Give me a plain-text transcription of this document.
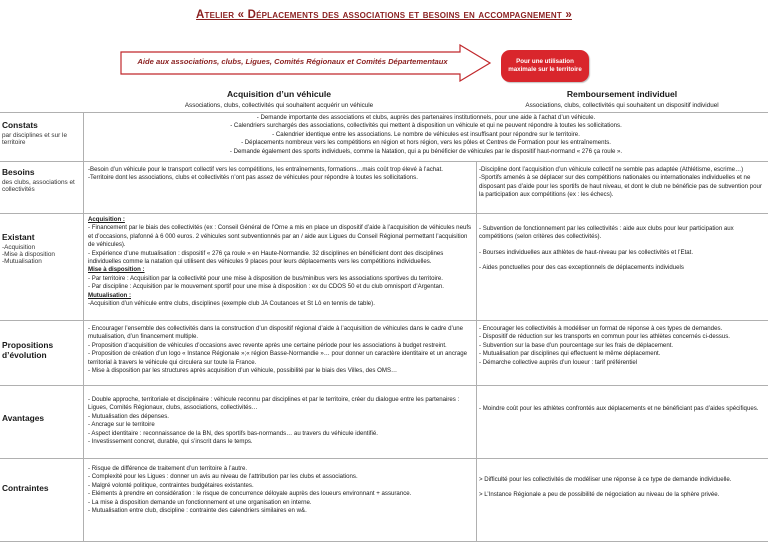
Atelier « Déplacements des associations et besoins en accompagnement »
Aide aux associations, clubs, Ligues, Comités Régionaux et Comités Départementaux	Pour une utilisation
maximale sur le territoire
Acquisition d’un véhicule
Associations, clubs, collectivités qui souhaitent acquérir un véhicule
Remboursement individuel
Associations, clubs, collectivités qui souhaitent un dispositif individuel
Constats
par disciplines et sur le territoire

- Demande importante des associations et clubs, auprès des partenaires institutionnels, pour une aide à l’achat d’un véhicule.

- Calendriers surchargés des associations, collectivités qui mettent à disposition un véhicule et qui ne peuvent répondre à toutes les sollicitations.

- Calendrier identique entre les associations. Le nombre de véhicules est insuffisant pour répondre sur le territoire.

- Déplacements nombreux vers les compétitions en région et hors région, vers les pôles et Centres de Formation pour les entraînements.

- Demande également des sports individuels, comme la Natation, qui a pu bénéficier de véhicules par le dispositif haut-normand « 276 ça roule ».

Besoins
des clubs, associations et collectivités

-Besoin d’un véhicule pour le transport collectif vers les compétitions, les entraînements, formations…mais coût trop élevé à l’achat.

-Territoire dont les associations, clubs et collectivités n’ont pas assez de véhicules pour répondre à toutes les sollicitations.

-Discipline dont l’acquisition d’un véhicule collectif ne semble pas adaptée (Athlétisme, escrime…)

-Sportifs amenés à se déplacer sur des compétitions nationales ou internationales individuelles et ne disposant pas d’aide pour les sportifs de haut niveau, et dont le club ne bénéficie pas de subvention pour la participation aux compétitions (ex : les échecs).

Existant
-Acquisition
-Mise à disposition
-Mutualisation

Acquisition :

- Financement par le biais des collectivités (ex : Conseil Général de l’Orne a mis en place un dispositif d’aide à l’acquisition de véhicules neufs et d’occasions, plafonné à 6 000 euros. 2 véhicules sont subventionnés par an / aide aux Ligues du Conseil Régional permettant l’acquisition de véhicules).

- Expérience d’une mutualisation : dispositif « 276 ça roule » en Haute-Normandie. 32 disciplines en bénéficient dont des disciplines individuelles comme la natation qui utilisent des véhicules 9 places pour leurs déplacements vers les compétitions individuelles.

Mise à disposition :

- Par territoire : Acquisition par la collectivité pour une mise à disposition de bus/minibus vers les associations sportives du territoire.

- Par discipline : Acquisition par le mouvement sportif pour une mise à disposition : ex du CDOS 50 et du club omnisport d’Argentan.

Mutualisation :

-Acquisition d’un véhicule entre clubs, disciplines (exemple club JA Coutances et St Lô en tennis de table).

- Subvention de fonctionnement par les collectivités : aide aux clubs pour leur participation aux compétitions (selon critères des collectivités).

- Bourses individuelles aux athlètes de haut-niveau par les collectivités et l’Etat.

- Aides ponctuelles pour des cas exceptionnels de déplacements individuels

Propositions d’évolution

- Encourager l’ensemble des collectivités dans la construction d’un dispositif régional d’aide à l’acquisition de véhicules dans le cadre d’une mutualisation, d’un financement multiple.

- Proposition d’acquisition de véhicules d’occasions avec revente après une certaine période pour les associations à budget restreint.

- Proposition de création d’un logo « Instance Régionale »;« région Basse-Normandie »… pour donner un caractère identitaire et un ancrage territorial à travers le véhicule qui circulera sur toute la France.

- Mise à disposition par les structures après acquisition d’un véhicule, possibilité par le biais des Villes, des OMS…

- Encourager les collectivités à modéliser un format de réponse à ces types de demandes.

- Dispositif de réduction sur les transports en commun pour les athlètes concernés ci-dessus.

- Subvention sur la base d’un pourcentage sur les frais de déplacement.

- Mutualisation par disciplines qui effectuent le même déplacement.

- Démarche collective auprès d’un loueur : tarif préférentiel

Avantages

- Double approche, territoriale et disciplinaire : véhicule reconnu par disciplines et par le territoire, créer du dialogue entre les partenaires : Ligues, Comités Régionaux, clubs, associations, collectivités…

- Mutualisation des dépenses.

- Ancrage sur le territoire

- Aspect identitaire : reconnaissance de la BN, des sportifs bas-normands… au travers du véhicule identifié.

- Investissement concret, durable, qui s’inscrit dans le temps.

- Moindre coût pour les athlètes confrontés aux déplacements et ne bénéficiant pas d’aides spécifiques.

Contraintes

- Risque de différence de traitement d’un territoire à l’autre.

- Complexité pour les Ligues : donner un avis au niveau de l’attribution par les clubs et associations.

- Malgré volonté politique, contraintes budgétaires existantes.

- Eléments à prendre en considération : le risque de concurrence déloyale auprès des loueurs environnant + assurance.

- La mise à disposition demande un fonctionnement et une organisation en interne.

- Mutualisation entre club, discipline : contrainte des calendriers similaires en w&.

> Difficulté pour les collectivités de modéliser une réponse à ce type de demande individuelle.

> L’Instance Régionale a peu de possibilité de négociation au niveau de la sphère privée.
